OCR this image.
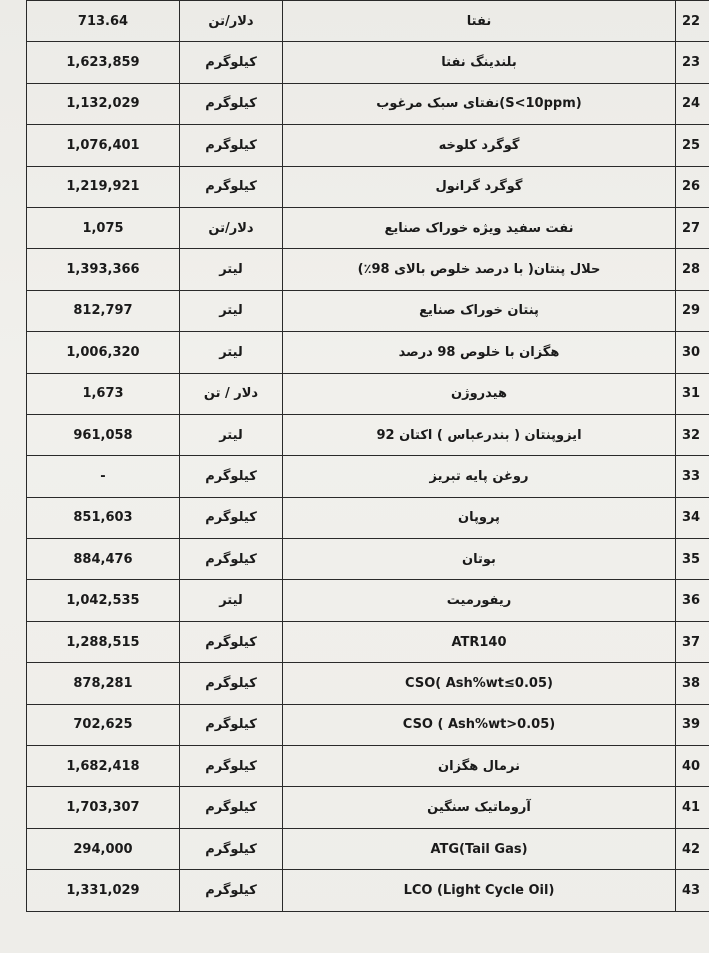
713.64	دلار/تن	نفتا	22
1,623,859	کیلوگرم	بلندینگ نفتا	23
1,132,029	کیلوگرم	(S<10ppm)نفتای سبک مرغوب	24
1,076,401	کیلوگرم	گوگرد کلوخه	25
1,219,921	کیلوگرم	گوگرد گرانول	26
1,075	دلار/تن	نفت سفید ویژه خوراک صنایع	27
1,393,366	لیتر	حلال پنتان( با درصد خلوص بالای 98٪)	28
812,797	لیتر	پنتان خوراک صنایع	29
1,006,320	لیتر	هگزان با خلوص 98 درصد	30
1,673	دلار / تن	هیدروژن	31
961,058	لیتر	ایزوپنتان ( بندرعباس ) اکتان 92	32
-	کیلوگرم	روغن پایه تبریز	33
851,603	کیلوگرم	پروپان	34
884,476	کیلوگرم	بوتان	35
1,042,535	لیتر	ریفورمیت	36
1,288,515	کیلوگرم	ATR140	37
878,281	کیلوگرم	(Ash%wt≤0.05 )CSO	38
702,625	کیلوگرم	(Ash%wt>0.05 ) CSO	39
1,682,418	کیلوگرم	نرمال هگزان	40
1,703,307	کیلوگرم	آروماتیک سنگین	41
294,000	کیلوگرم	ATG(Tail Gas)	42
1,331,029	کیلوگرم	LCO (Light Cycle Oil)	43
